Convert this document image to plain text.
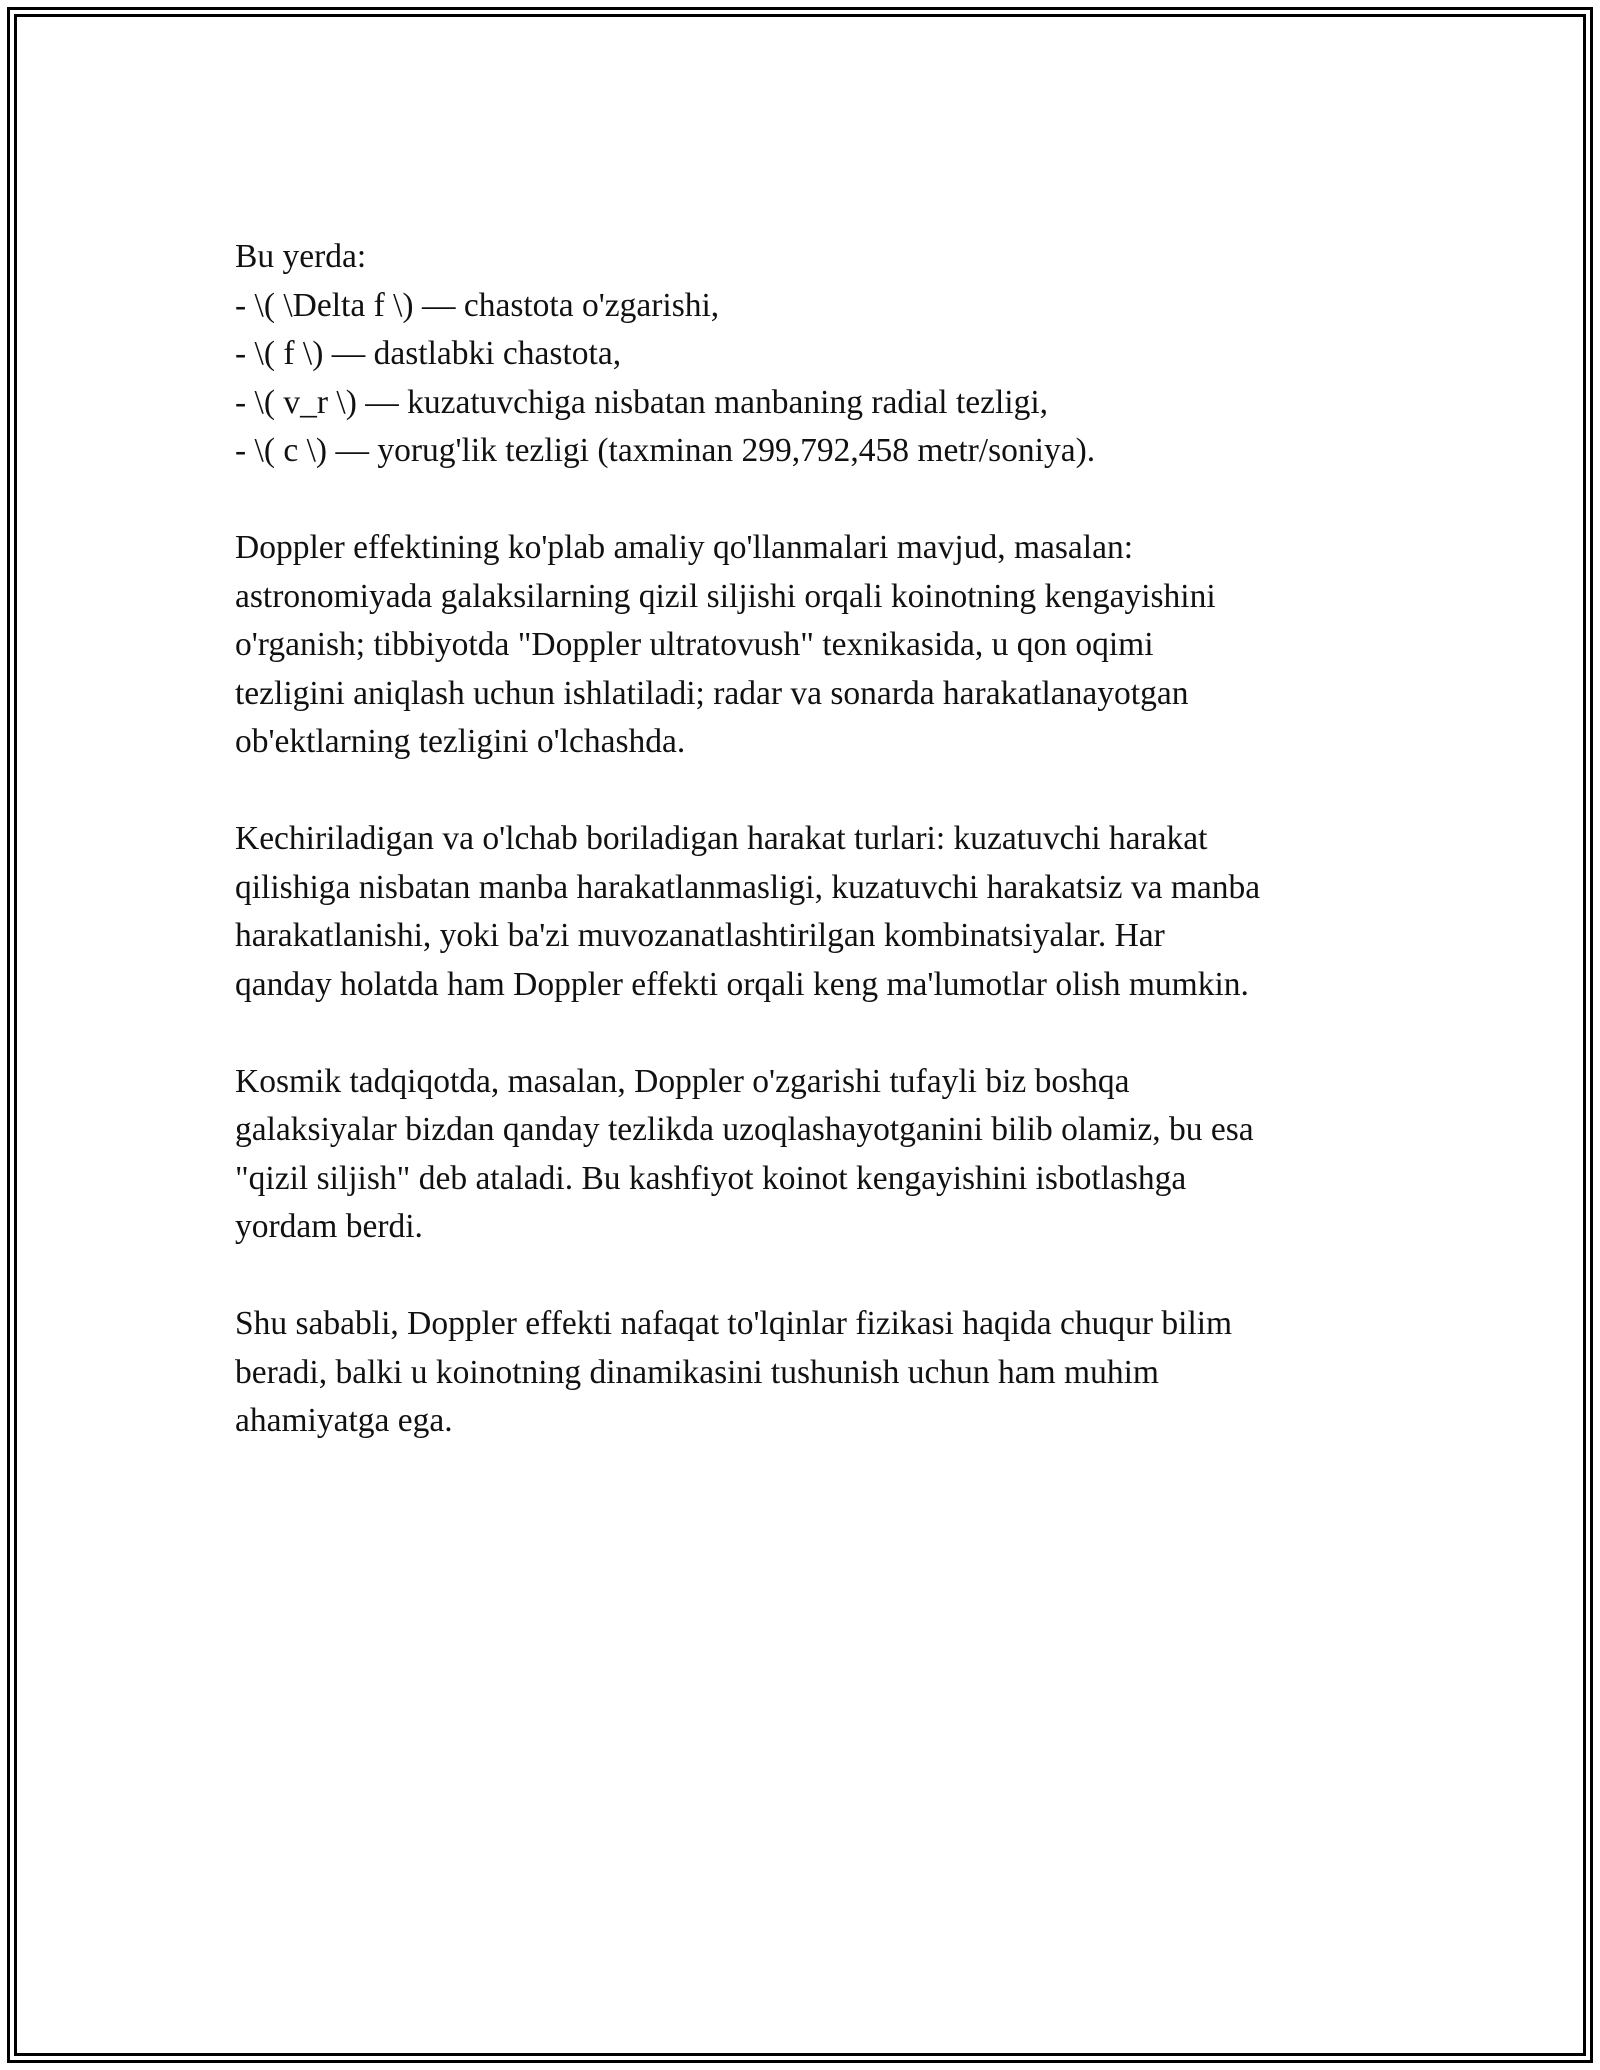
Bu yerda:
- \( \Delta f \) — chastota o'zgarishi,
- \( f \) — dastlabki chastota,
- \( v_r \) — kuzatuvchiga nisbatan manbaning radial tezligi,
- \( c \) — yorug'lik tezligi (taxminan 299,792,458 metr/soniya).
Doppler effektining ko'plab amaliy qo'llanmalari mavjud, masalan:
astronomiyada galaksilarning qizil siljishi orqali koinotning kengayishini
o'rganish; tibbiyotda "Doppler ultratovush" texnikasida, u qon oqimi
tezligini aniqlash uchun ishlatiladi; radar va sonarda harakatlanayotgan
ob'ektlarning tezligini o'lchashda.
Kechiriladigan va o'lchab boriladigan harakat turlari: kuzatuvchi harakat
qilishiga nisbatan manba harakatlanmasligi, kuzatuvchi harakatsiz va manba
harakatlanishi, yoki ba'zi muvozanatlashtirilgan kombinatsiyalar. Har
qanday holatda ham Doppler effekti orqali keng ma'lumotlar olish mumkin.
Kosmik tadqiqotda, masalan, Doppler o'zgarishi tufayli biz boshqa
galaksiyalar bizdan qanday tezlikda uzoqlashayotganini bilib olamiz, bu esa
"qizil siljish" deb ataladi. Bu kashfiyot koinot kengayishini isbotlashga
yordam berdi.
Shu sababli, Doppler effekti nafaqat to'lqinlar fizikasi haqida chuqur bilim
beradi, balki u koinotning dinamikasini tushunish uchun ham muhim
ahamiyatga ega.
